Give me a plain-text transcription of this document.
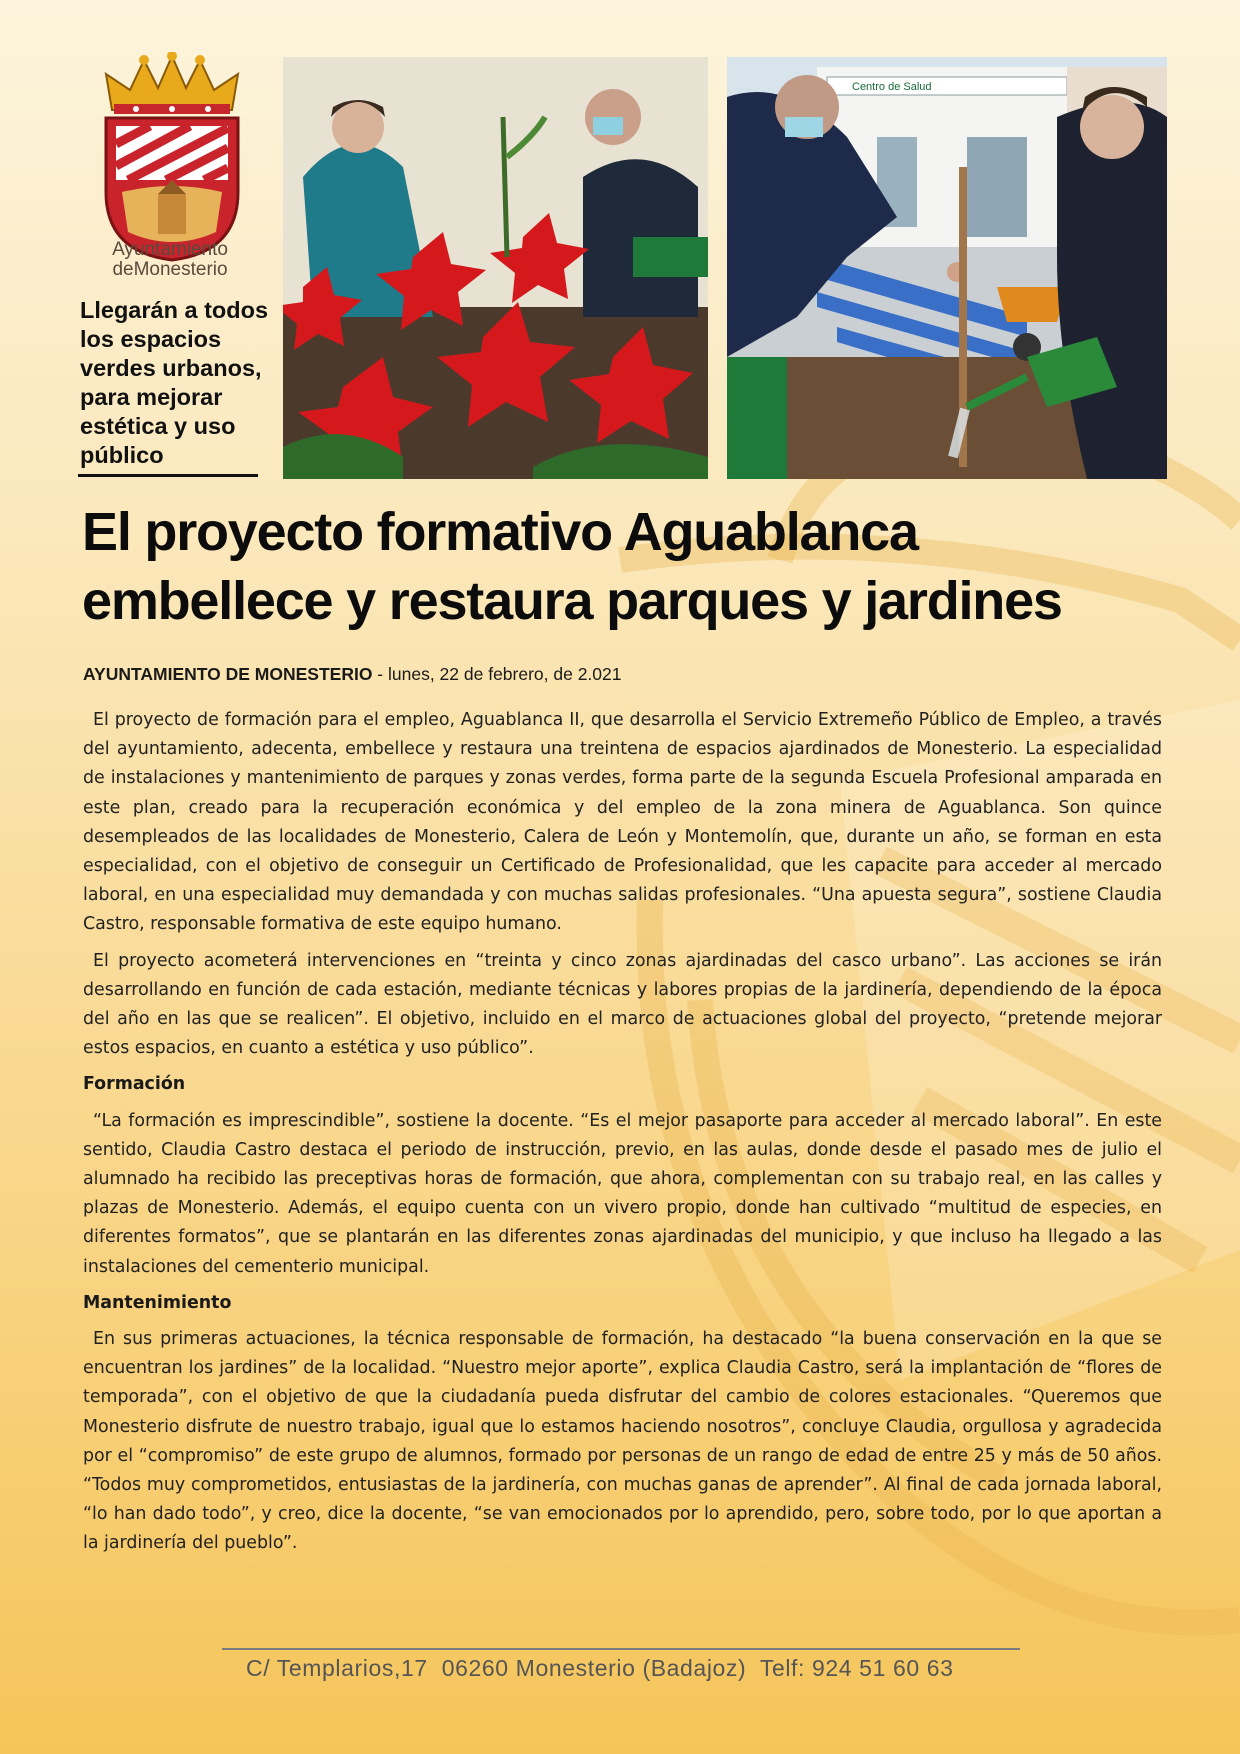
Ayuntamiento
deMonesterio
Llegarán a todos los espacios verdes urbanos, para mejorar estética y uso público
Centro de Salud
El proyecto formativo Aguablanca
embellece y restaura parques y jardines
AYUNTAMIENTO DE MONESTERIO - lunes, 22 de febrero, de 2.021

El proyecto de formación para el empleo, Aguablanca II, que desarrolla el Servicio Extremeño Público de Empleo, a través del ayuntamiento, adecenta, embellece y restaura una treintena de espacios ajardinados de Monesterio. La especialidad de instalaciones y mantenimiento de parques y zonas verdes, forma parte de la segunda Escuela Profesional amparada en este plan, creado para la recuperación económica y del empleo de la zona minera de Aguablanca. Son quince desempleados de las localidades de Monesterio, Calera de León y Montemolín, que, durante un año, se forman en esta especialidad, con el objetivo de conseguir un Certificado de Profesionalidad, que les capacite para acceder al mercado laboral, en una especialidad muy demandada y con muchas salidas profesionales. “Una apuesta segura”, sostiene Claudia Castro, responsable formativa de este equipo humano.

El proyecto acometerá intervenciones en “treinta y cinco zonas ajardinadas del casco urbano”. Las acciones se irán desarrollando en función de cada estación, mediante técnicas y labores propias de la jardinería, dependiendo de la época del año en las que se realicen”. El objetivo, incluido en el marco de actuaciones global del proyecto, “pretende mejorar estos espacios, en cuanto a estética y uso público”.

Formación

“La formación es imprescindible”, sostiene la docente. “Es el mejor pasaporte para acceder al mercado laboral”. En este sentido, Claudia Castro destaca el periodo de instrucción, previo, en las aulas, donde desde el pasado mes de julio el alumnado ha recibido las preceptivas horas de formación, que ahora, complementan con su trabajo real, en las calles y plazas de Monesterio. Además, el equipo cuenta con un vivero propio, donde han cultivado “multitud de especies, en diferentes formatos”, que se plantarán en las diferentes zonas ajardinadas del municipio, y que incluso ha llegado a las instalaciones del cementerio municipal.

Mantenimiento

En sus primeras actuaciones, la técnica responsable de formación, ha destacado “la buena conservación en la que se encuentran los jardines” de la localidad. “Nuestro mejor aporte”, explica Claudia Castro, será la implantación de “flores de temporada”, con el objetivo de que la ciudadanía pueda disfrutar del cambio de colores estacionales. “Queremos que Monesterio disfrute de nuestro trabajo, igual que lo estamos haciendo nosotros”, concluye Claudia, orgullosa y agradecida por el “compromiso” de este grupo de alumnos, formado por personas de un rango de edad de entre 25 y más de 50 años. “Todos muy comprometidos, entusiastas de la jardinería, con muchas ganas de aprender”. Al final de cada jornada laboral, “lo han dado todo”, y creo, dice la docente, “se van emocionados por lo aprendido, pero, sobre todo, por lo que aportan a la jardinería del pueblo”.

C/ Templarios,17  06260 Monesterio (Badajoz)  Telf: 924 51 60 63
